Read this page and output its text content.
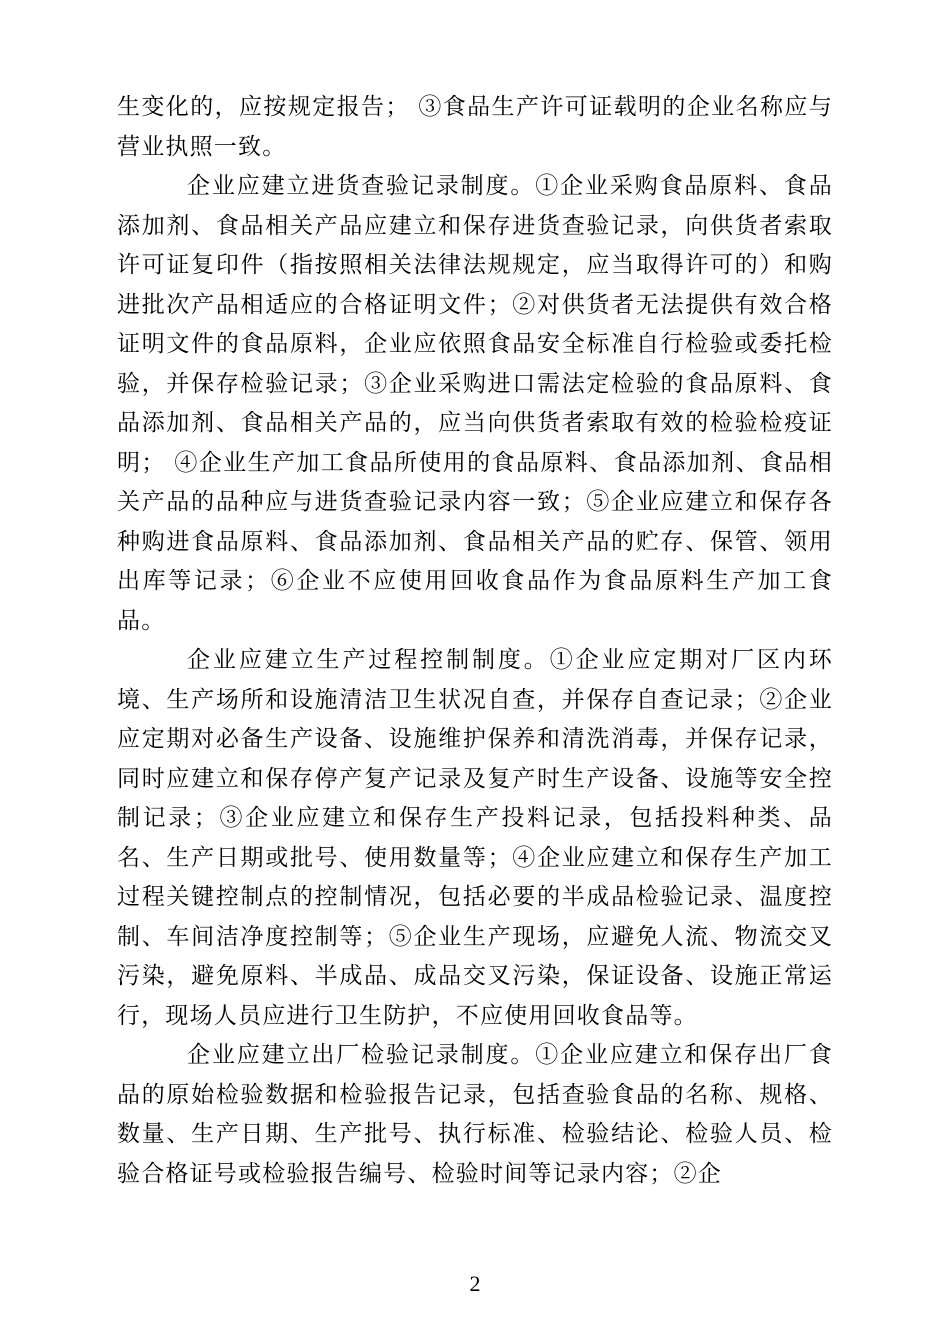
生变化的，应按规定报告； ③食品生产许可证载明的企业名称应与营业执照一致。

企业应建立进货查验记录制度。①企业采购食品原料、食品添加剂、食品相关产品应建立和保存进货查验记录，向供货者索取许可证复印件（指按照相关法律法规规定，应当取得许可的）和购进批次产品相适应的合格证明文件；②对供货者无法提供有效合格证明文件的食品原料，企业应依照食品安全标准自行检验或委托检验，并保存检验记录；③企业采购进口需法定检验的食品原料、食品添加剂、食品相关产品的，应当向供货者索取有效的检验检疫证明； ④企业生产加工食品所使用的食品原料、食品添加剂、食品相关产品的品种应与进货查验记录内容一致；⑤企业应建立和保存各种购进食品原料、食品添加剂、食品相关产品的贮存、保管、领用出库等记录；⑥企业不应使用回收食品作为食品原料生产加工食品。

企业应建立生产过程控制制度。①企业应定期对厂区内环境、生产场所和设施清洁卫生状况自查，并保存自查记录；②企业应定期对必备生产设备、设施维护保养和清洗消毒，并保存记录，同时应建立和保存停产复产记录及复产时生产设备、设施等安全控制记录；③企业应建立和保存生产投料记录，包括投料种类、品名、生产日期或批号、使用数量等；④企业应建立和保存生产加工过程关键控制点的控制情况，包括必要的半成品检验记录、温度控制、车间洁净度控制等；⑤企业生产现场，应避免人流、物流交叉污染，避免原料、半成品、成品交叉污染，保证设备、设施正常运行，现场人员应进行卫生防护，不应使用回收食品等。

企业应建立出厂检验记录制度。①企业应建立和保存出厂食品的原始检验数据和检验报告记录，包括查验食品的名称、规格、数量、生产日期、生产批号、执行标准、检验结论、检验人员、检验合格证号或检验报告编号、检验时间等记录内容；②企

2
